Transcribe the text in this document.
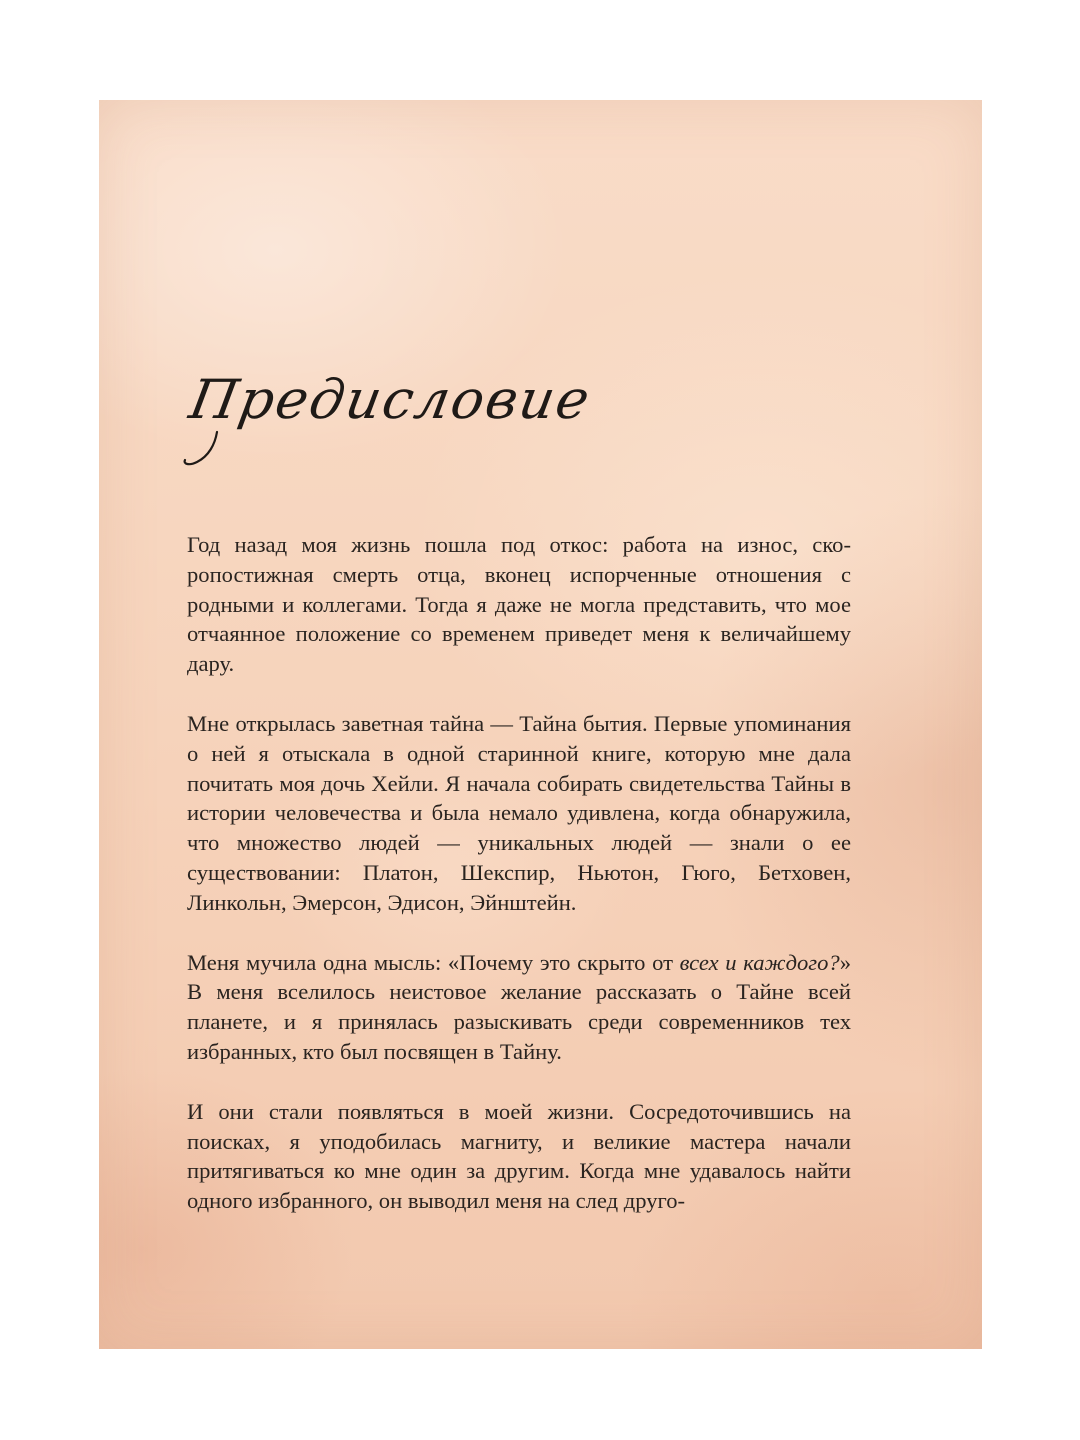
Предисловие

Год назад моя жизнь пошла под откос: работа на износ, скоропостижная смерть отца, вконец испорченные отношения с родными и коллегами. Тогда я даже не могла представить, что мое отчаянное положение со временем приведет меня к величайшему дару.

Мне открылась заветная тайна — Тайна бытия. Первые упоминания о ней я отыскала в одной старинной книге, которую мне дала почитать моя дочь Хейли. Я начала собирать свидетельства Тайны в истории человечества и была немало удивлена, когда обнаружила, что множество людей — уникальных людей — знали о ее существовании: Платон, Шекспир, Ньютон, Гюго, Бетховен, Линкольн, Эмерсон, Эдисон, Эйнштейн.

Меня мучила одна мысль: «Почему это скрыто от всех и каждого?» В меня вселилось неистовое желание рассказать о Тайне всей планете, и я принялась разыскивать среди современников тех избранных, кто был посвящен в Тайну.

И они стали появляться в моей жизни. Сосредоточившись на поисках, я уподобилась магниту, и великие мастера начали притягиваться ко мне один за другим. Когда мне удавалось найти одного избранного, он выводил меня на след друго-
